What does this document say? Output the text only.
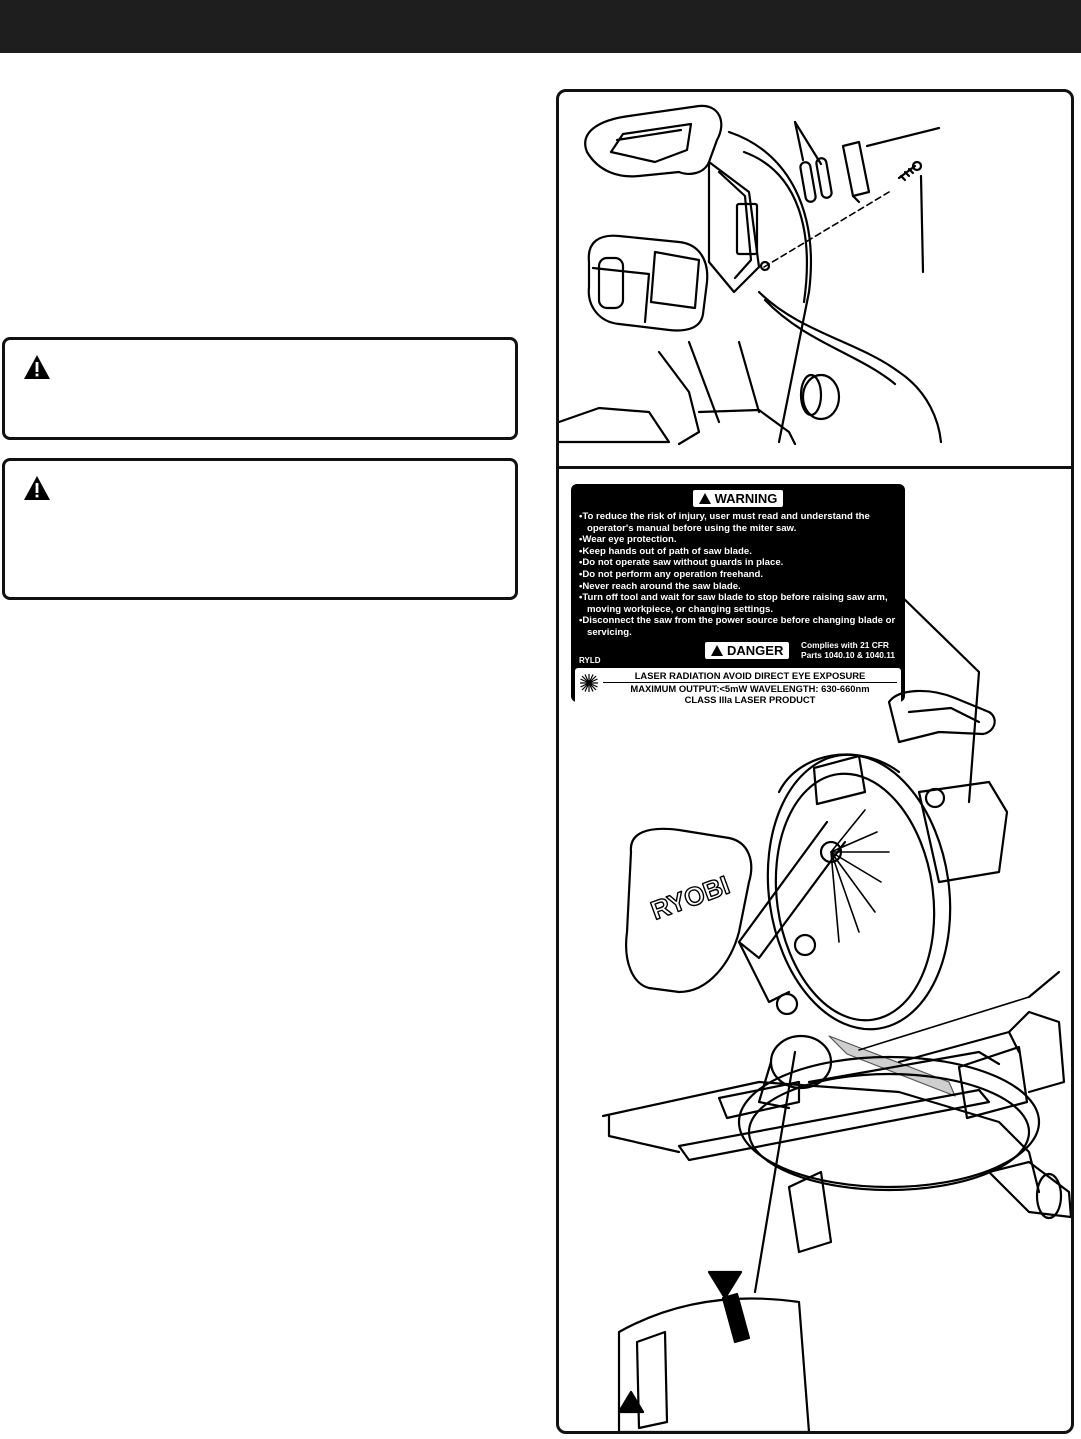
WARNING
• To reduce the risk of injury, user must read and understand the operator's manual before using the miter saw.
• Wear eye protection.
• Keep hands out of path of saw blade.
• Do not operate saw without guards in place.
• Do not perform any operation freehand.
• Never reach around the saw blade.
• Turn off tool and wait for saw blade to stop before raising saw arm, moving workpiece, or changing settings.
• Disconnect the saw from the power source before changing blade or servicing.
RYLD
DANGER	Complies with 21 CFR
Parts 1040.10 & 1040.11
LASER RADIATION AVOID DIRECT EYE EXPOSURE
MAXIMUM OUTPUT:<5mW WAVELENGTH: 630-660nm
CLASS IIIa LASER PRODUCT
RYOBI
